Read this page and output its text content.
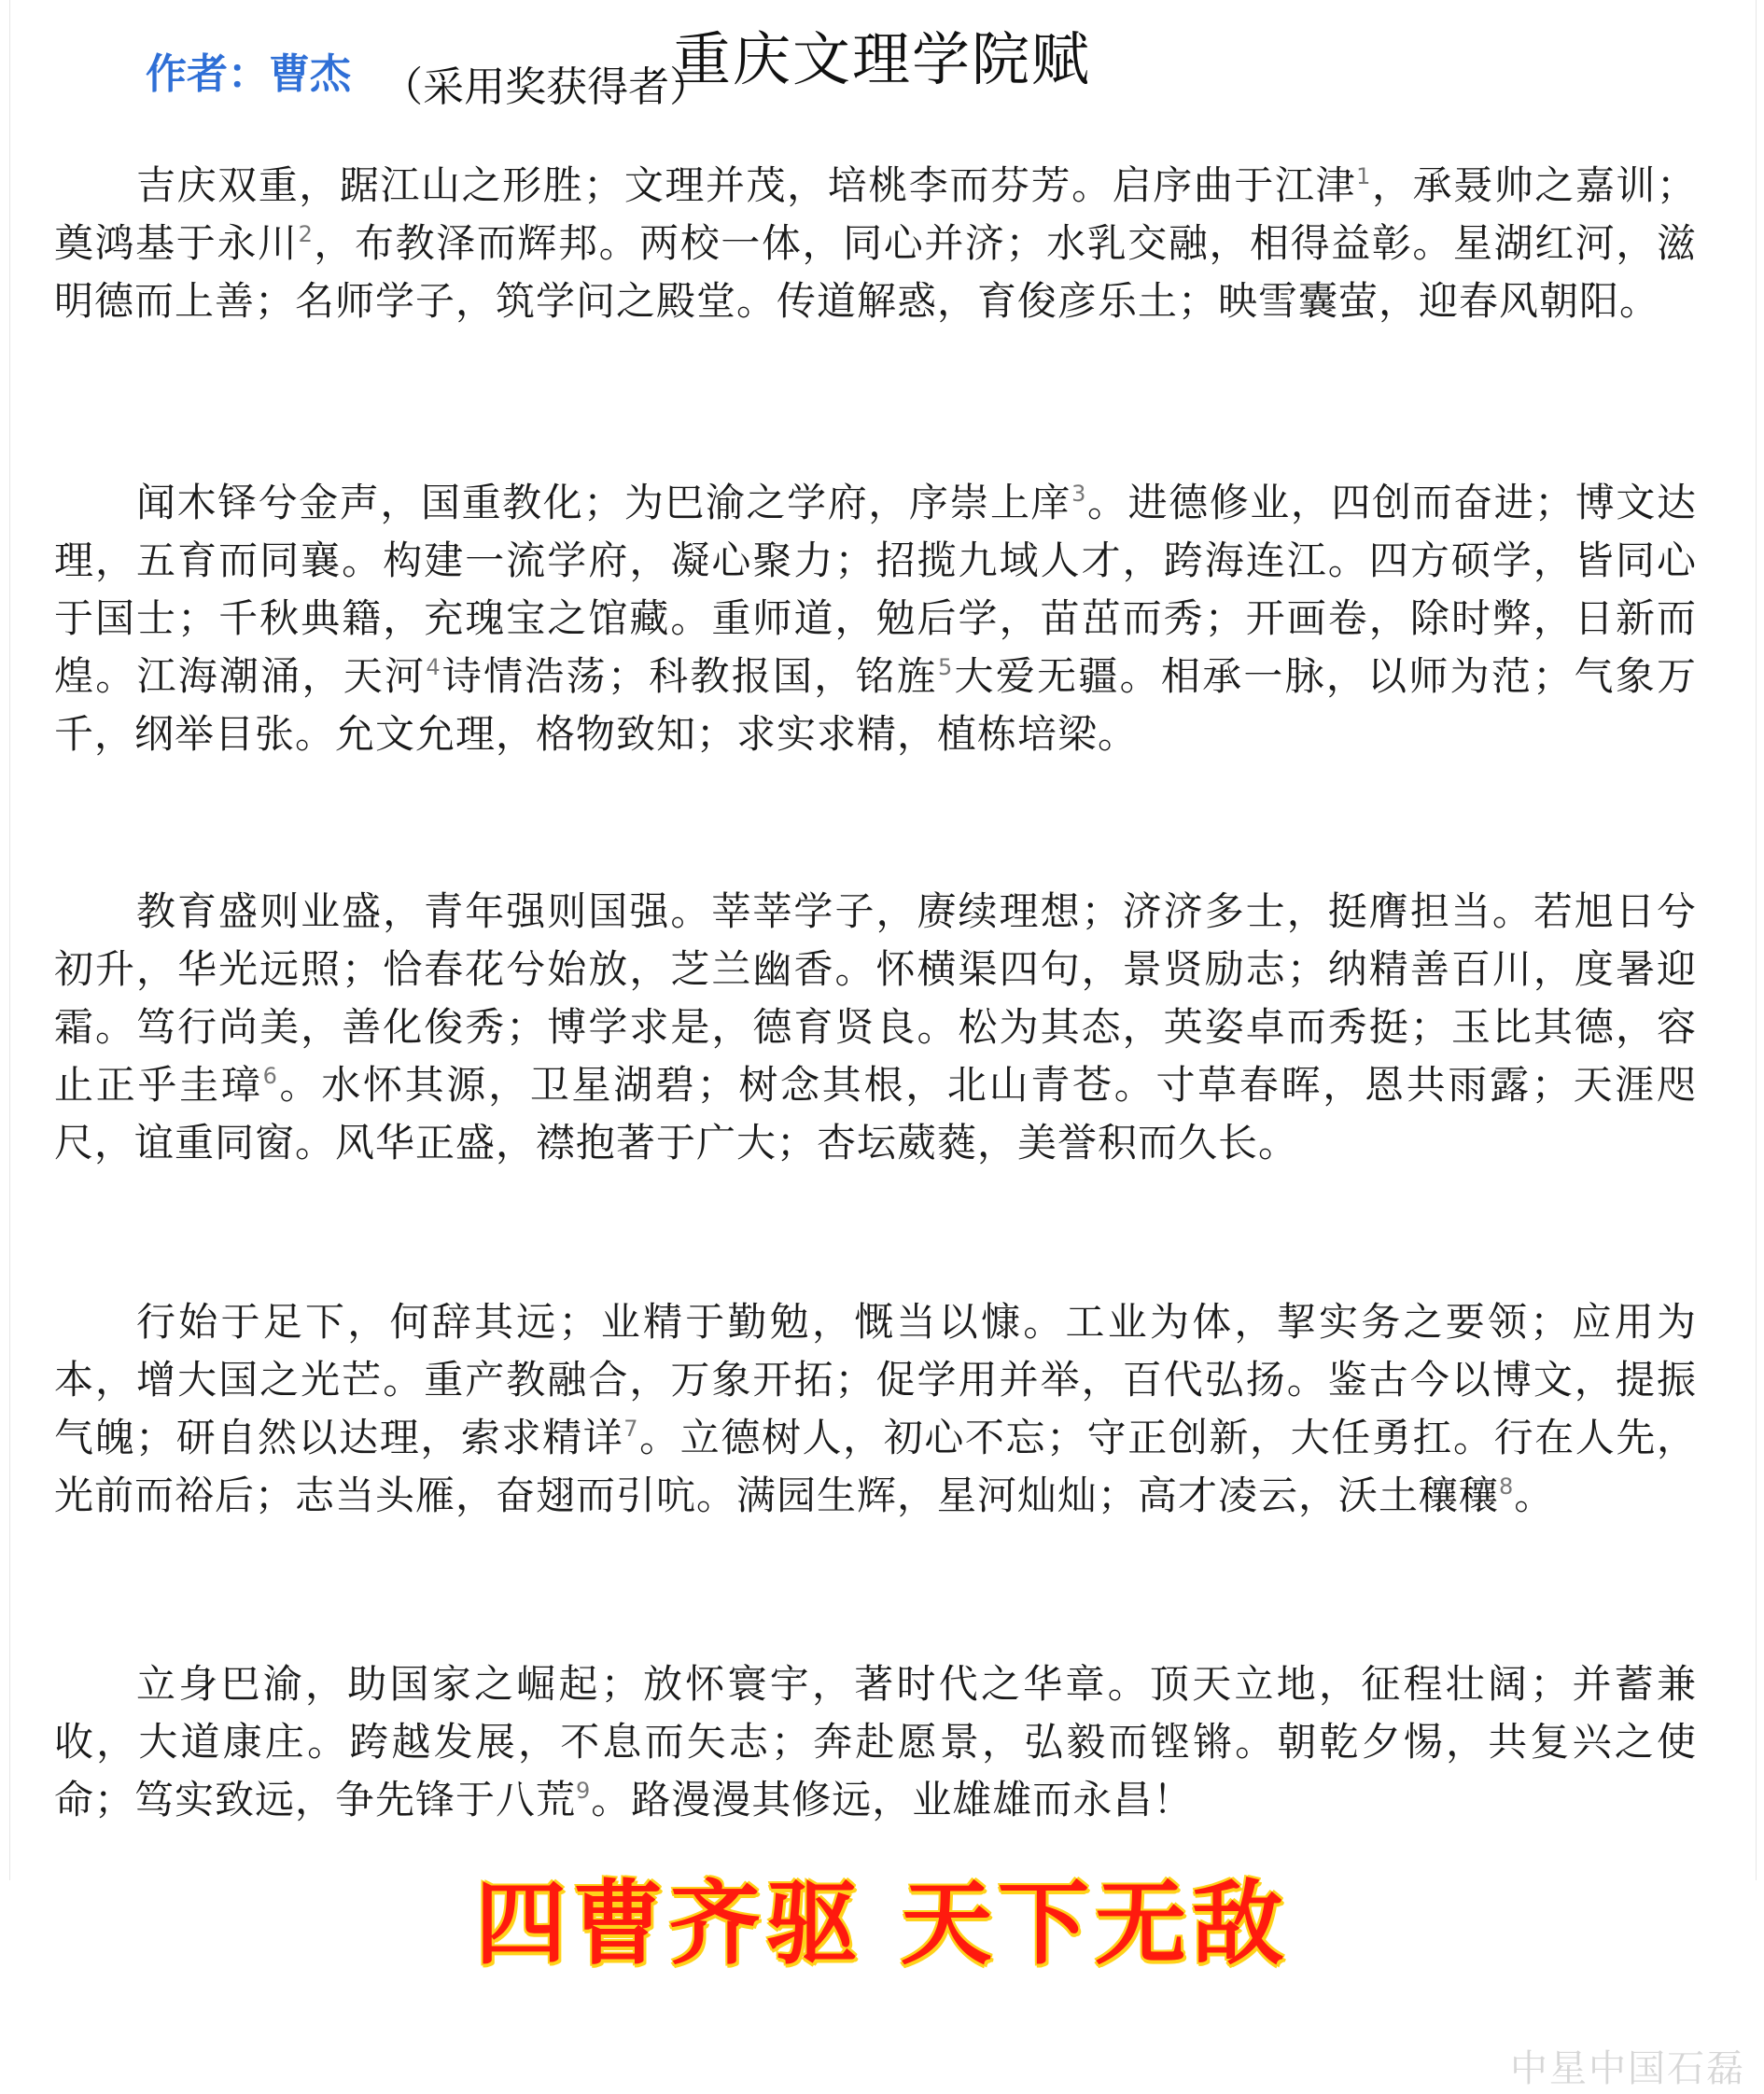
重庆文理学院赋
作者：曹杰 （采用奖获得者）

吉庆双重，踞江山之形胜；文理并茂，培桃李而芬芳。启序曲于江津$^1$，承聂帅之嘉训；奠鸿基于永川$^2$，布教泽而辉邦。两校一体，同心并济；水乳交融，相得益彰。星湖红河，滋明德而上善；名师学子，筑学问之殿堂。传道解惑，育俊彦乐土；映雪囊萤，迎春风朝阳。

闻木铎兮金声，国重教化；为巴渝之学府，序崇上庠$^3$。进德修业，四创而奋进；博文达理，五育而同襄。构建一流学府，凝心聚力；招揽九域人才，跨海连江。四方硕学，皆同心于国士；千秋典籍，充瑰宝之馆藏。重师道，勉后学，苗茁而秀；开画卷，除时弊，日新而煌。江海潮涌，天河$^4$诗情浩荡；科教报国，铭旌$^5$大爱无疆。相承一脉，以师为范；气象万千，纲举目张。允文允理，格物致知；求实求精，植栋培梁。

教育盛则业盛，青年强则国强。莘莘学子，赓续理想；济济多士，挺膺担当。若旭日兮初升，华光远照；恰春花兮始放，芝兰幽香。怀横渠四句，景贤励志；纳精善百川，度暑迎霜。笃行尚美，善化俊秀；博学求是，德育贤良。松为其态，英姿卓而秀挺；玉比其德，容止正乎圭璋$^6$。水怀其源，卫星湖碧；树念其根，北山青苍。寸草春晖，恩共雨露；天涯咫尺，谊重同窗。风华正盛，襟抱著于广大；杏坛葳蕤，美誉积而久长。

行始于足下，何辞其远；业精于勤勉，慨当以慷。工业为体，挈实务之要领；应用为本，增大国之光芒。重产教融合，万象开拓；促学用并举，百代弘扬。鉴古今以博文，提振气魄；研自然以达理，索求精详$^7$。立德树人，初心不忘；守正创新，大任勇扛。行在人先，光前而裕后；志当头雁，奋翅而引吭。满园生辉，星河灿灿；高才凌云，沃土穰穰$^8$。

立身巴渝，助国家之崛起；放怀寰宇，著时代之华章。顶天立地，征程壮阔；并蓄兼收，大道康庄。跨越发展，不息而矢志；奔赴愿景，弘毅而铿锵。朝乾夕惕，共复兴之使命；笃实致远，争先锋于八荒$^9$。路漫漫其修远，业雄雄而永昌！

四曹齐驱 天下无敌
中星中国石磊
